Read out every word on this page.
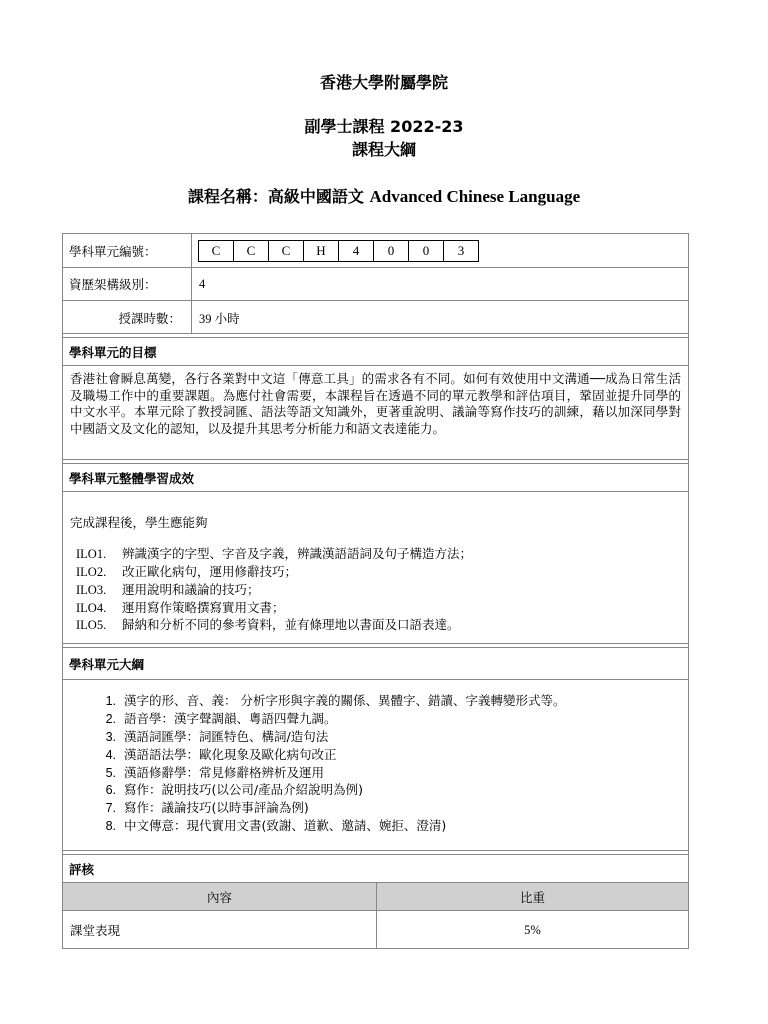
香港大學附屬學院
副學士課程 2022-23
課程大綱
課程名稱：高級中國語文 Advanced Chinese Language
學科單元編號：	C	C	C	H	4	0	0	3
資歷架構級別：	4
授課時數： 39 小時
學科單元的目標
香港社會瞬息萬變，各行各業對中文這「傳意工具」的需求各有不同。如何有效使用中文溝通──成為日常生活及職場工作中的重要課題。為應付社會需要，本課程旨在透過不同的單元教學和評估項目，鞏固並提升同學的中文水平。本單元除了教授詞匯、語法等語文知識外，更著重說明、議論等寫作技巧的訓練，藉以加深同學對中國語文及文化的認知，以及提升其思考分析能力和語文表達能力。
學科單元整體學習成效
完成課程後，學生應能夠
ILO1. 辨識漢字的字型、字音及字義，辨識漢語語詞及句子構造方法；
ILO2. 改正歐化病句，運用修辭技巧；
ILO3. 運用說明和議論的技巧；
ILO4. 運用寫作策略撰寫實用文書；
ILO5. 歸納和分析不同的參考資料，並有條理地以書面及口語表達。
學科單元大綱
1. 漢字的形、音、義： 分析字形與字義的關係、異體字、錯讀、字義轉變形式等。
2. 語音學：漢字聲調韻、粵語四聲九調。
3. 漢語詞匯學：詞匯特色、構詞/造句法
4. 漢語語法學：歐化現象及歐化病句改正
5. 漢語修辭學：常見修辭格辨析及運用
6. 寫作：說明技巧(以公司/產品介紹說明為例)
7. 寫作：議論技巧(以時事評論為例)
8. 中文傳意：現代實用文書(致謝、道歉、邀請、婉拒、澄清)
評核
內容	比重
課堂表現	5%
